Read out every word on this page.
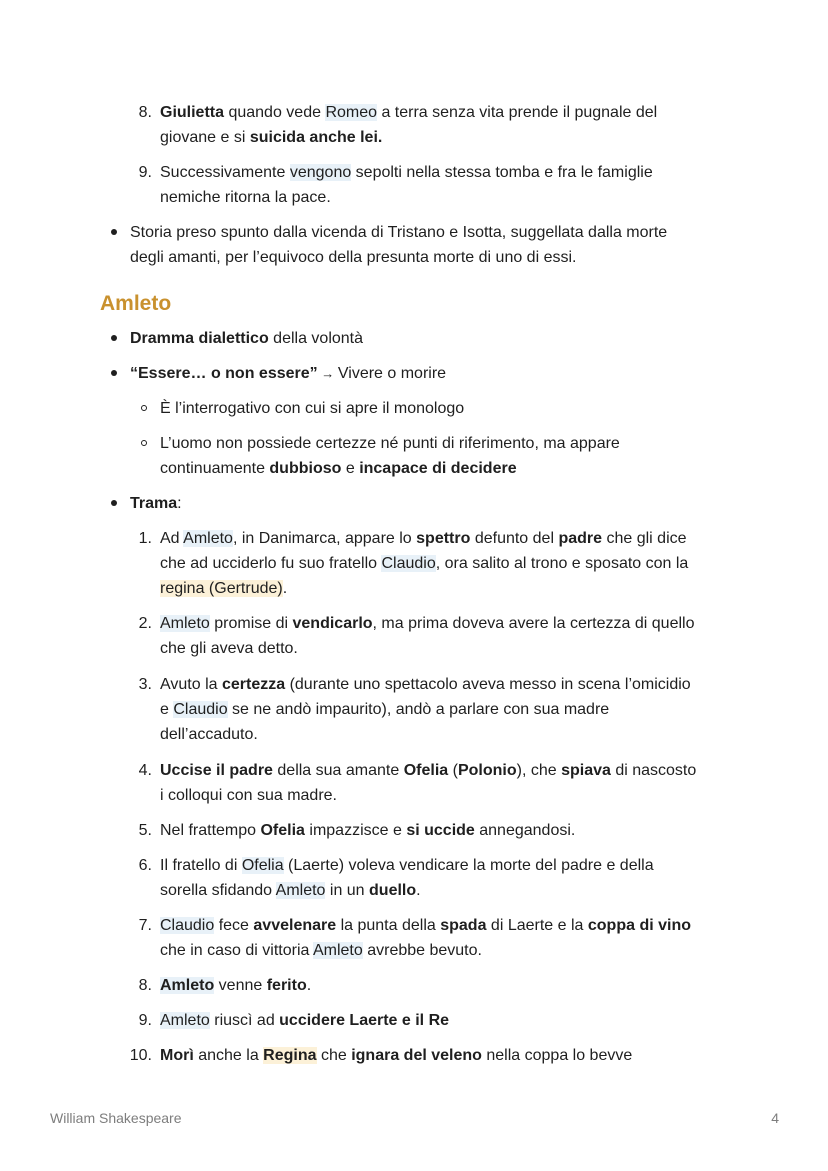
8. Giulietta quando vede Romeo a terra senza vita prende il pugnale del
giovane e si suicida anche lei.
9. Successivamente vengono sepolti nella stessa tomba e fra le famiglie
nemiche ritorna la pace.
Storia preso spunto dalla vicenda di Tristano e Isotta, suggellata dalla morte
degli amanti, per l’equivoco della presunta morte di uno di essi.
Amleto
Dramma dialettico della volontà
“Essere… o non essere” → Vivere o morire
È l’interrogativo con cui si apre il monologo
L’uomo non possiede certezze né punti di riferimento, ma appare
continuamente dubbioso e incapace di decidere
Trama:
1. Ad Amleto, in Danimarca, appare lo spettro defunto del padre che gli dice
che ad ucciderlo fu suo fratello Claudio, ora salito al trono e sposato con la
regina (Gertrude).
2. Amleto promise di vendicarlo, ma prima doveva avere la certezza di quello
che gli aveva detto.
3. Avuto la certezza (durante uno spettacolo aveva messo in scena l’omicidio
e Claudio se ne andò impaurito), andò a parlare con sua madre
dell’accaduto.
4. Uccise il padre della sua amante Ofelia (Polonio), che spiava di nascosto
i colloqui con sua madre.
5. Nel frattempo Ofelia impazzisce e si uccide annegandosi.
6. Il fratello di Ofelia (Laerte) voleva vendicare la morte del padre e della
sorella sfidando Amleto in un duello.
7. Claudio fece avvelenare la punta della spada di Laerte e la coppa di vino
che in caso di vittoria Amleto avrebbe bevuto.
8. Amleto venne ferito.
9. Amleto riuscì ad uccidere Laerte e il Re
10. Morì anche la Regina che ignara del veleno nella coppa lo bevve
William Shakespeare	4
